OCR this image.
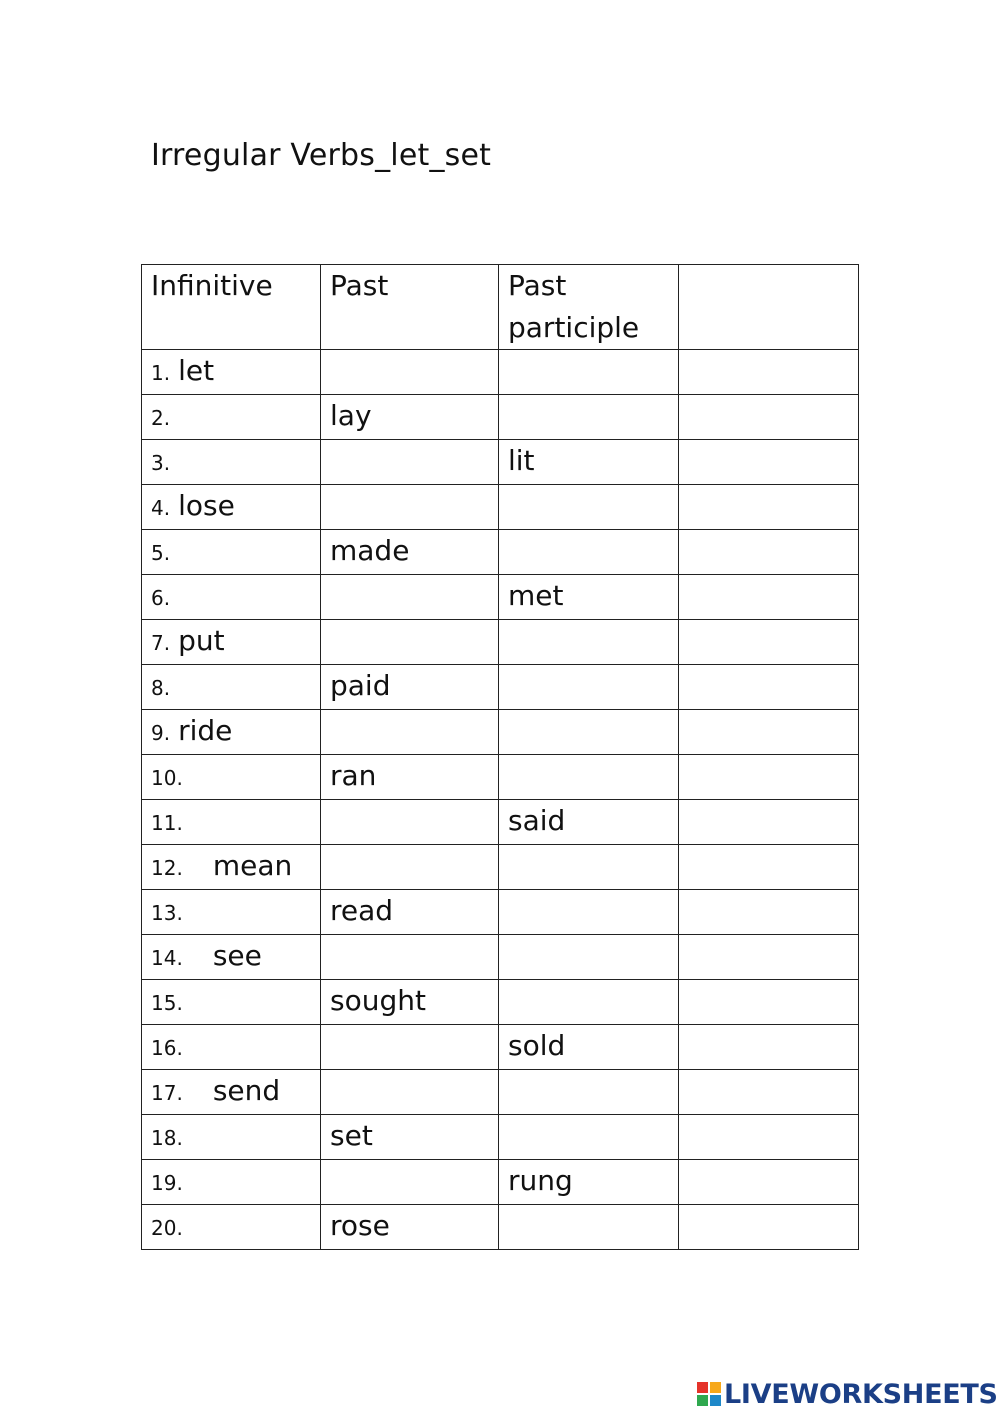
Irregular Verbs_let_set
Infinitive	Past	Past participle	
1. let			
2.	lay		
3.		lit	
4. lose			
5.	made		
6.		met	
7. put			
8.	paid		
9. ride			
10.	ran		
11.		said	
12. mean			
13.	read		
14. see			
15.	sought		
16.		sold	
17. send			
18.	set		
19.		rung	
20.	rose		
LIVEWORKSHEETS
